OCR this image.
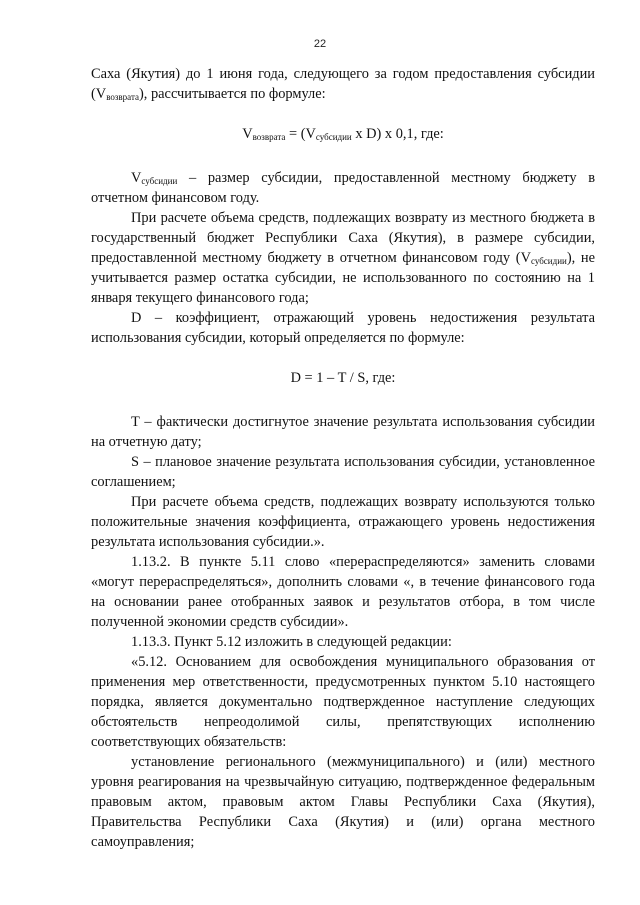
22

Саха (Якутия) до 1 июня года, следующего за годом предоставления субсидии $(V_{возврата})$, рассчитывается по формуле:

$V_{возврата} = (V_{субсидии}$ x D) x 0,1, где:

$V_{субсидии}$ – размер субсидии, предоставленной местному бюджету в отчетном финансовом году.

При расчете объема средств, подлежащих возврату из местного бюджета в государственный бюджет Республики Саха (Якутия), в размере субсидии, предоставленной местному бюджету в отчетном финансовом году $(V_{субсидии})$, не учитывается размер остатка субсидии, не использованного по состоянию на 1 января текущего финансового года;

D – коэффициент, отражающий уровень недостижения результата использования субсидии, который определяется по формуле:

D = 1 – T / S, где:

T – фактически достигнутое значение результата использования субсидии на отчетную дату;

S – плановое значение результата использования субсидии, установленное соглашением;

При расчете объема средств, подлежащих возврату используются только положительные значения коэффициента, отражающего уровень недостижения результата использования субсидии.».

1.13.2. В пункте 5.11 слово «перераспределяются» заменить словами «могут перераспределяться», дополнить словами «, в течение финансового года на основании ранее отобранных заявок и результатов отбора, в том числе полученной экономии средств субсидии».

1.13.3. Пункт 5.12 изложить в следующей редакции:

«5.12. Основанием для освобождения муниципального образования от применения мер ответственности, предусмотренных пунктом 5.10 настоящего порядка, является документально подтвержденное наступление следующих обстоятельств непреодолимой силы, препятствующих исполнению соответствующих обязательств:

установление регионального (межмуниципального) и (или) местного уровня реагирования на чрезвычайную ситуацию, подтвержденное федеральным правовым актом, правовым актом Главы Республики Саха (Якутия), Правительства Республики Саха (Якутия) и (или) органа местного самоуправления;
